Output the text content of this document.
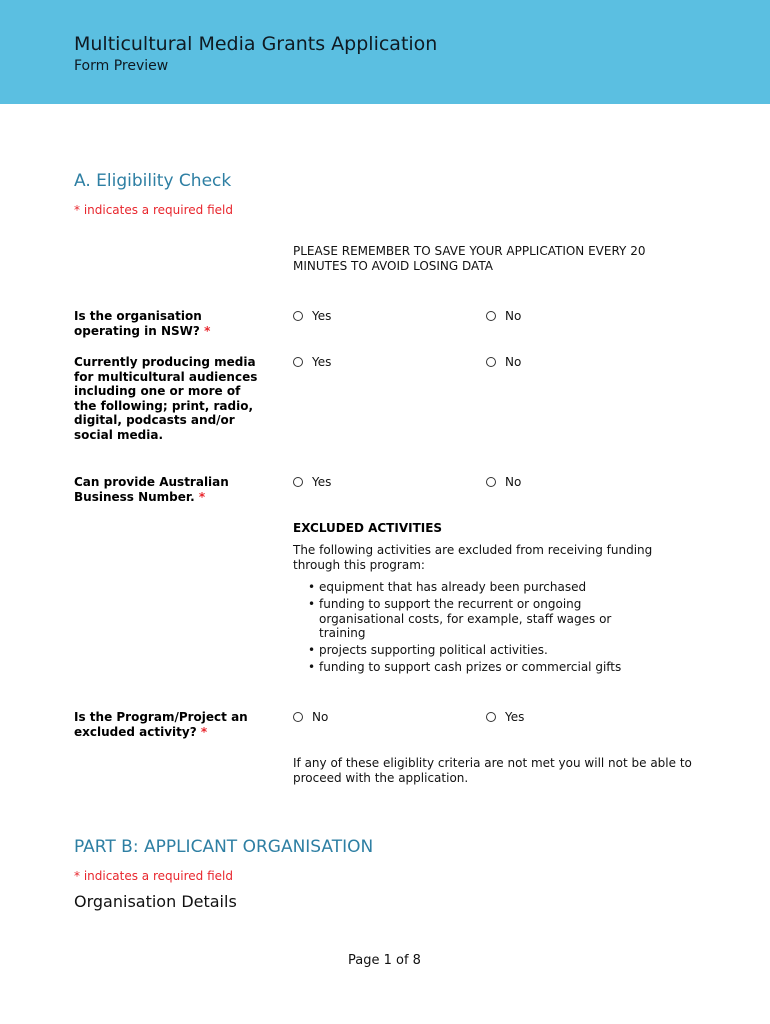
Multicultural Media Grants Application
Form Preview
A. Eligibility Check
* indicates a required field
PLEASE REMEMBER TO SAVE YOUR APPLICATION EVERY 20 MINUTES TO AVOID LOSING DATA
Is the organisation operating in NSW? *
Yes	No
Currently producing media for multicultural audiences including one or more of the following; print, radio, digital, podcasts and/or social media.
Yes	No
Can provide Australian Business Number. *
Yes	No
EXCLUDED ACTIVITIES
The following activities are excluded from receiving funding through this program:
• equipment that has already been purchased
• funding to support the recurrent or ongoing organisational costs, for example, staff wages or training
• projects supporting political activities.
• funding to support cash prizes or commercial gifts
Is the Program/Project an excluded activity? *
No	Yes
If any of these eligiblity criteria are not met you will not be able to proceed with the application.
PART B: APPLICANT ORGANISATION
* indicates a required field
Organisation Details
Page 1 of 8
